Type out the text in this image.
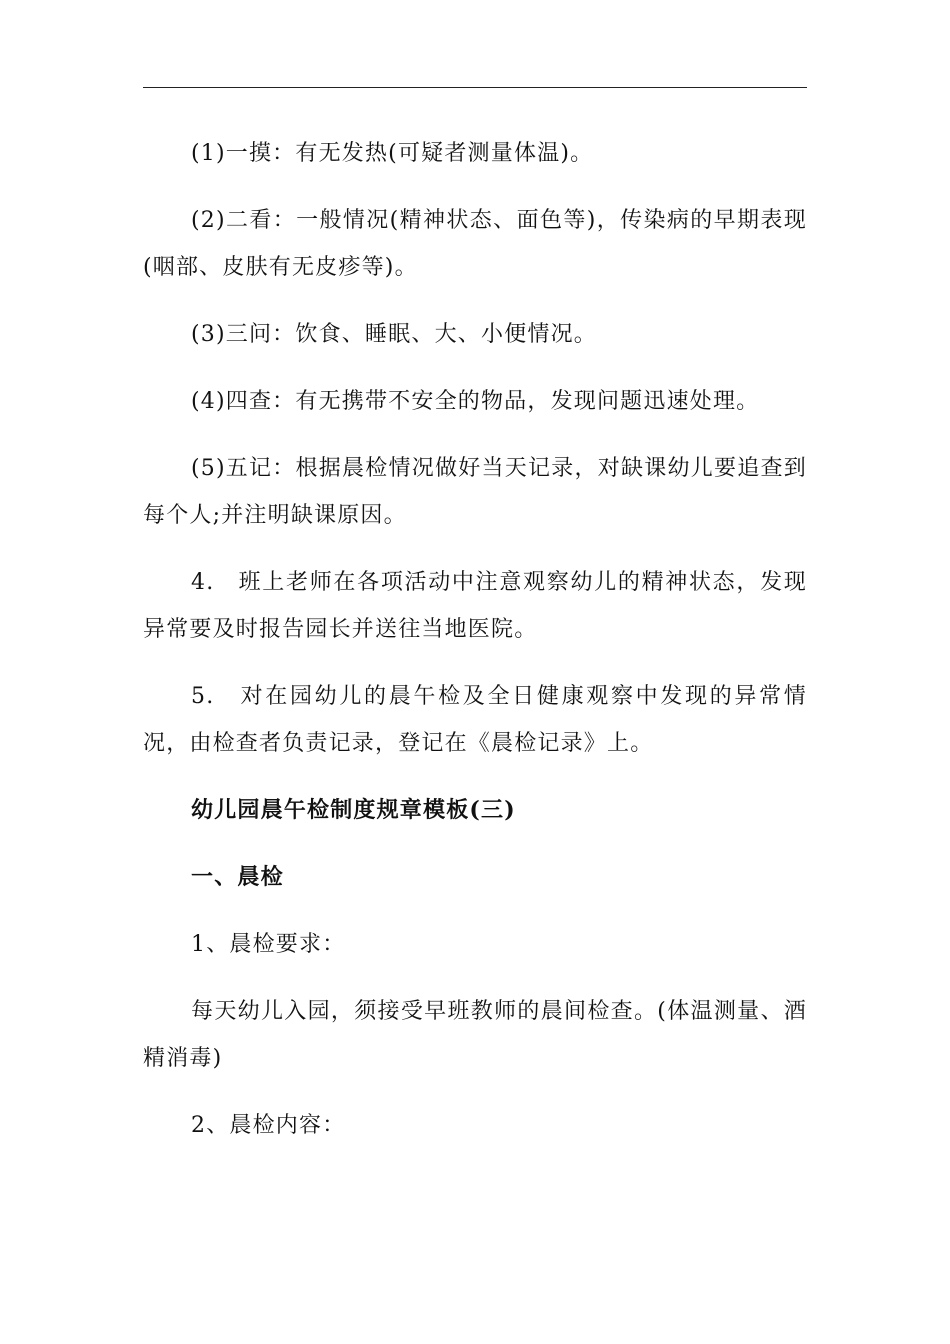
(1)一摸：有无发热(可疑者测量体温)。

(2)二看：一般情况(精神状态、面色等)，传染病的早期表现(咽部、皮肤有无皮疹等)。

(3)三问：饮食、睡眠、大、小便情况。

(4)四查：有无携带不安全的物品，发现问题迅速处理。

(5)五记：根据晨检情况做好当天记录，对缺课幼儿要追查到每个人;并注明缺课原因。

4.　班上老师在各项活动中注意观察幼儿的精神状态，发现异常要及时报告园长并送往当地医院。

5.　对在园幼儿的晨午检及全日健康观察中发现的异常情况，由检查者负责记录，登记在《晨检记录》上。

幼儿园晨午检制度规章模板(三)

一、晨检

1、晨检要求：

每天幼儿入园，须接受早班教师的晨间检查。(体温测量、酒精消毒)

2、晨检内容：
